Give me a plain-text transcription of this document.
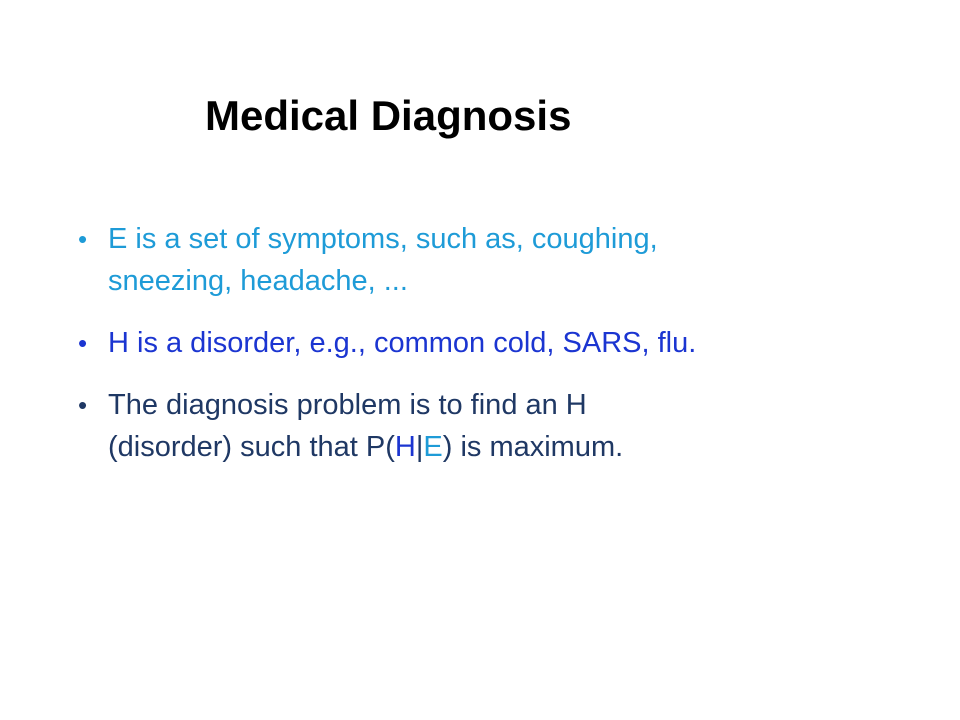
Medical Diagnosis
• E is a set of symptoms, such as, coughing,
sneezing, headache, ...
• H is a disorder, e.g., common cold, SARS, flu.
• The diagnosis problem is to find an H
(disorder) such that P(H|E) is maximum.
